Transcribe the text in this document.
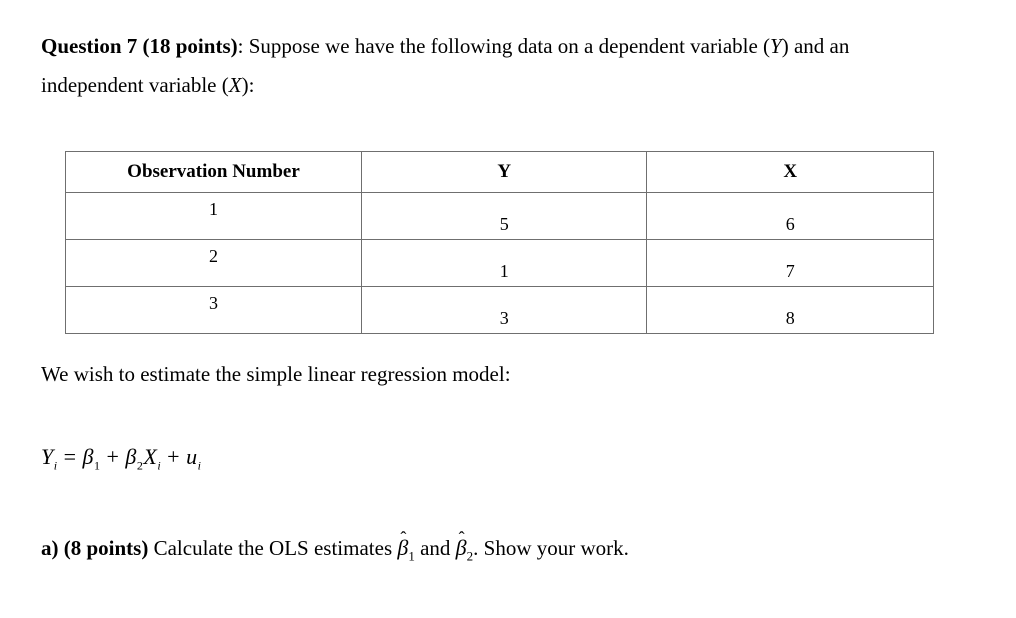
Question 7 (18 points): Suppose we have the following data on a dependent variable (Y) and an
independent variable (X):
Observation Number	Y	X
1	5	6
2	1	7
3	3	8
We wish to estimate the simple linear regression model:
$Y_i = \beta_1 + \beta_2X_i + u_i$
a) (8 points) Calculate the OLS estimates ˆ $\beta_1$ and ˆ $\beta_2$. Show your work.
